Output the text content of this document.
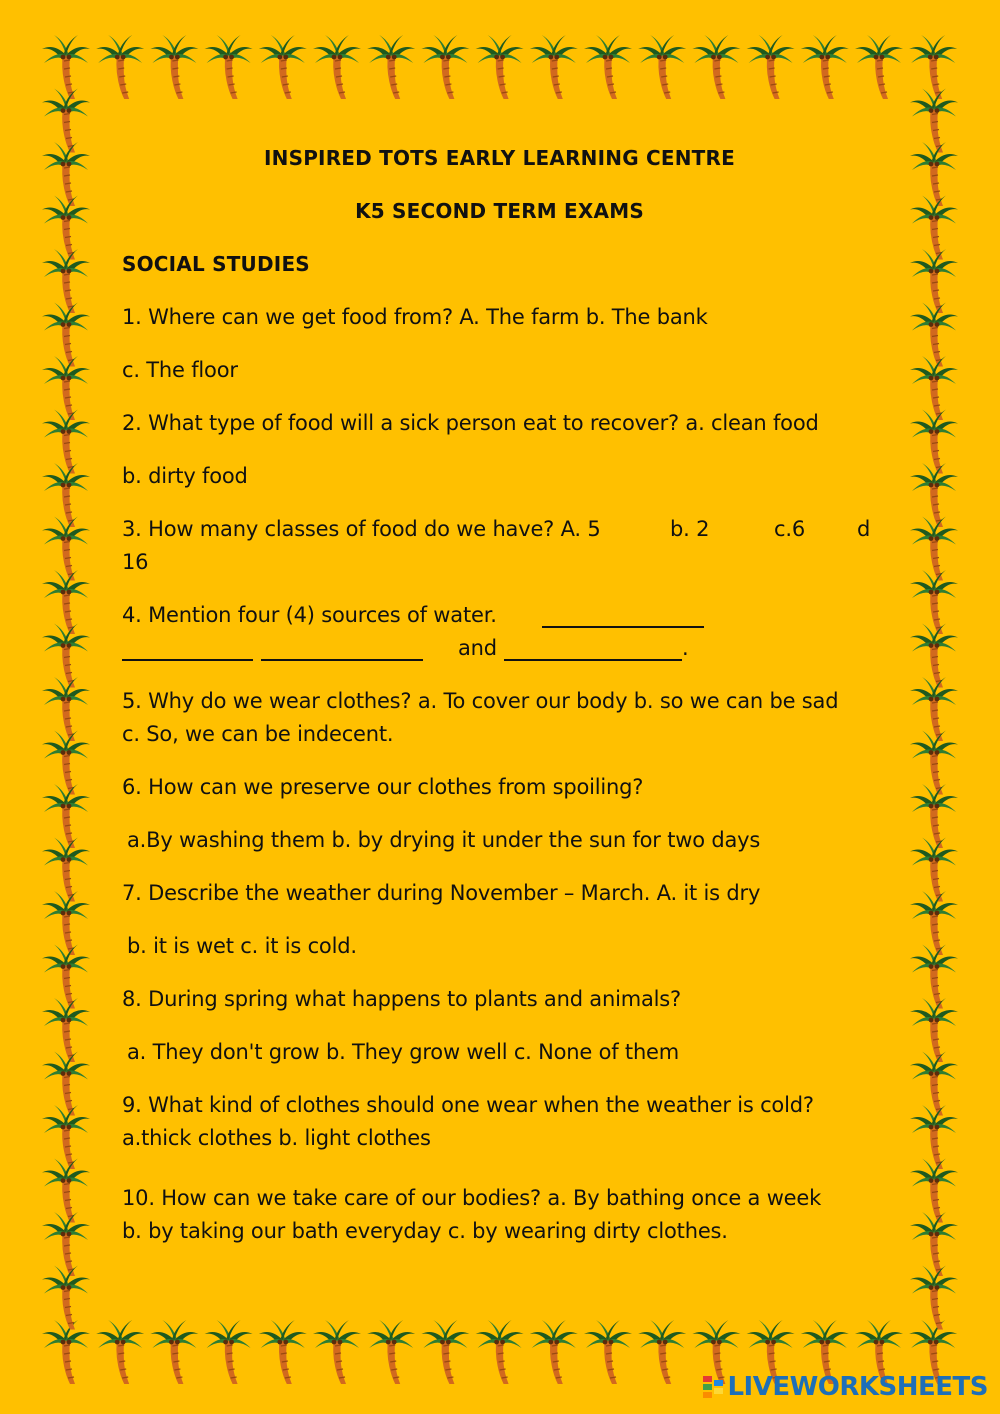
INSPIRED TOTS EARLY LEARNING CENTRE
K5 SECOND TERM EXAMS
SOCIAL STUDIES
1. Where can we get food from? A. The farm b. The bank
c. The floor
2. What type of food will a sick person eat to recover? a. clean food
b. dirty food
3. How many classes of food do we have? A. 5	b. 2	c.6 d
16
4. Mention four (4) sources of water.
and	.
5. Why do we wear clothes? a. To cover our body b. so we can be sad
c. So, we can be indecent.
6. How can we preserve our clothes from spoiling?
a.By washing them b. by drying it under the sun for two days
7. Describe the weather during November – March. A. it is dry
b. it is wet c. it is cold.
8. During spring what happens to plants and animals?
a. They don't grow b. They grow well c. None of them
9. What kind of clothes should one wear when the weather is cold?
a.thick clothes b. light clothes
10. How can we take care of our bodies? a. By bathing once a week
b. by taking our bath everyday c. by wearing dirty clothes.
LIVEWORKSHEETS
